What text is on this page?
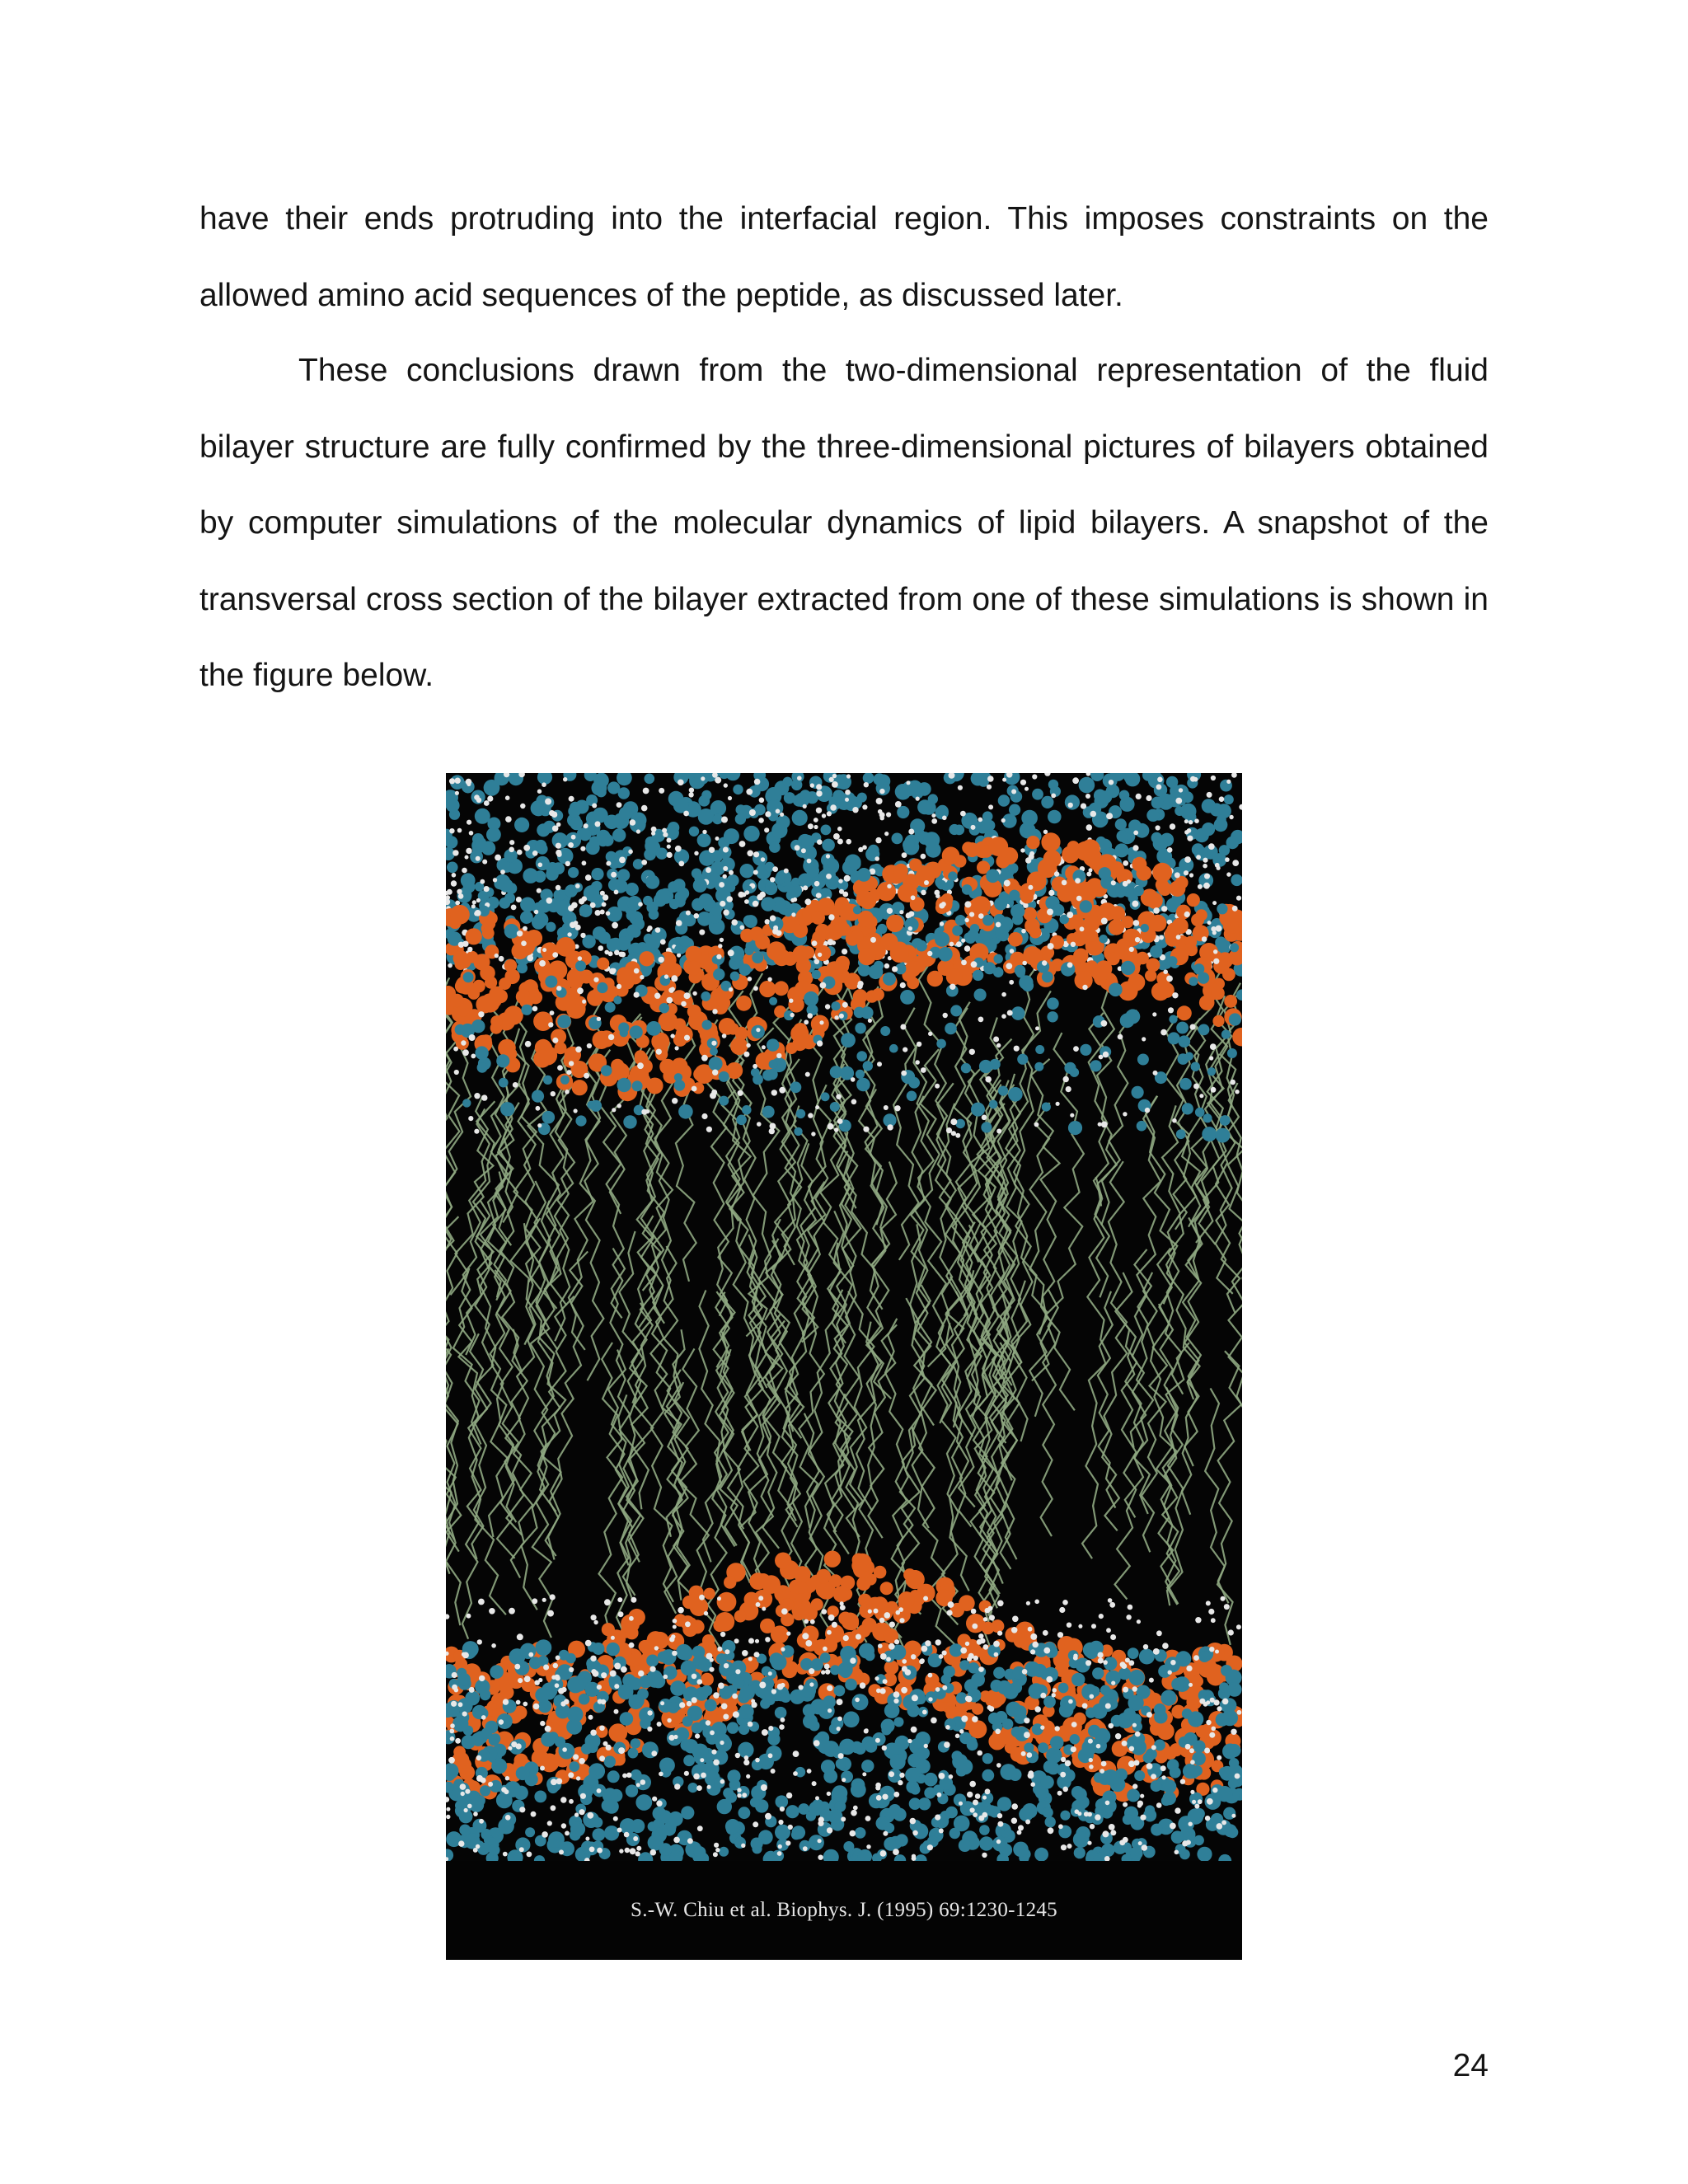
have their ends protruding into the interfacial region. This imposes constraints on the allowed amino acid sequences of the peptide, as discussed later.

These conclusions drawn from the two-dimensional representation of the fluid bilayer structure are fully confirmed by the three-dimensional pictures of bilayers obtained by computer simulations of the molecular dynamics of lipid bilayers. A snapshot of the transversal cross section of the bilayer extracted from one of these simulations is shown in the figure below.

S.-W. Chiu et al. Biophys. J. (1995) 69:1230-1245
24
